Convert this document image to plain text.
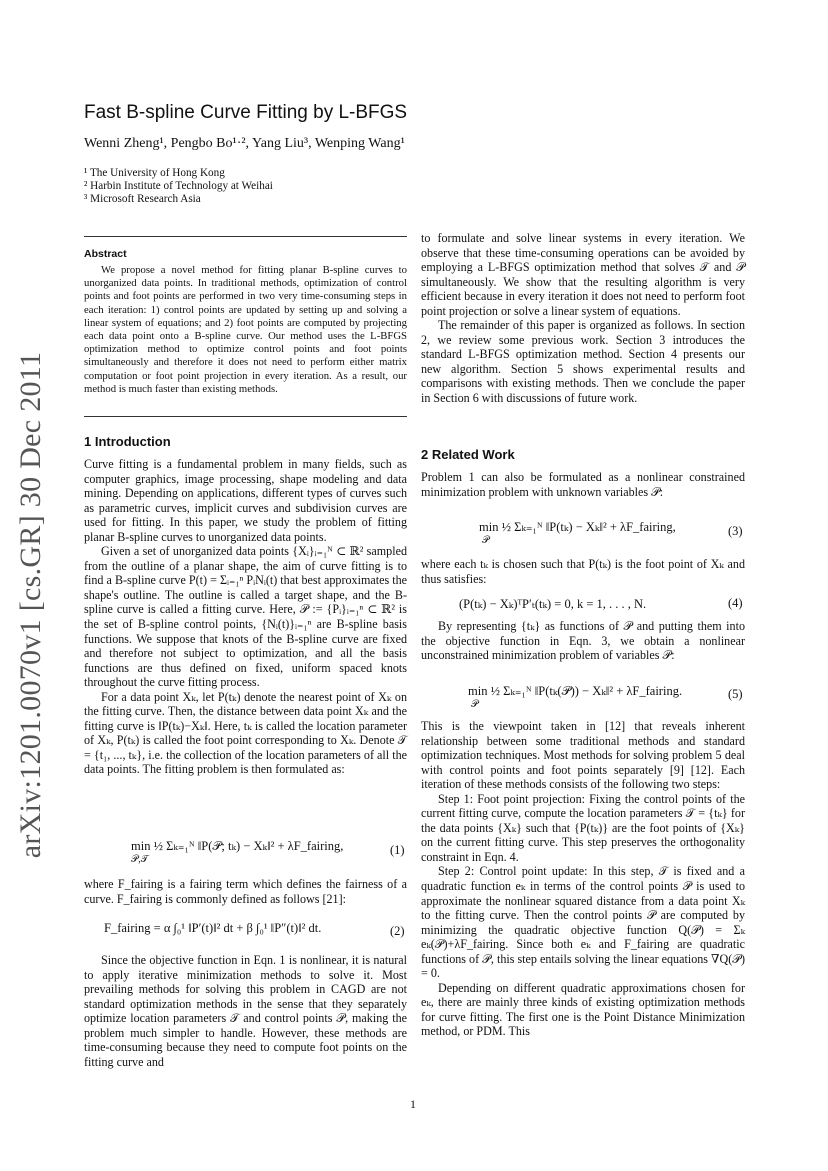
arXiv:1201.0070v1 [cs.GR] 30 Dec 2011
Fast B-spline Curve Fitting by L-BFGS
Wenni Zheng¹, Pengbo Bo¹·², Yang Liu³, Wenping Wang¹
¹ The University of Hong Kong
² Harbin Institute of Technology at Weihai
³ Microsoft Research Asia
Abstract

We propose a novel method for fitting planar B-spline curves to unorganized data points. In traditional methods, optimization of control points and foot points are performed in two very time-consuming steps in each iteration: 1) control points are updated by setting up and solving a linear system of equations; and 2) foot points are computed by projecting each data point onto a B-spline curve. Our method uses the L-BFGS optimization method to optimize control points and foot points simultaneously and therefore it does not need to perform either matrix computation or foot point projection in every iteration. As a result, our method is much faster than existing methods.

1 Introduction

Curve fitting is a fundamental problem in many fields, such as computer graphics, image processing, shape modeling and data mining. Depending on applications, different types of curves such as parametric curves, implicit curves and subdivision curves are used for fitting. In this paper, we study the problem of fitting planar B-spline curves to unorganized data points.

Given a set of unorganized data points {Xᵢ}ᵢ₌₁ᴺ ⊂ ℝ² sampled from the outline of a planar shape, the aim of curve fitting is to find a B-spline curve P(t) = Σᵢ₌₁ⁿ PᵢNᵢ(t) that best approximates the shape's outline. The outline is called a target shape, and the B-spline curve is called a fitting curve. Here, 𝒫 := {Pᵢ}ᵢ₌₁ⁿ ⊂ ℝ² is the set of B-spline control points, {Nᵢ(t)}ᵢ₌₁ⁿ are B-spline basis functions. We suppose that knots of the B-spline curve are fixed and therefore not subject to optimization, and all the basis functions are thus defined on fixed, uniform spaced knots throughout the curve fitting process.

For a data point Xₖ, let P(tₖ) denote the nearest point of Xₖ on the fitting curve. Then, the distance between data point Xₖ and the fitting curve is ‖P(tₖ)−Xₖ‖. Here, tₖ is called the location parameter of Xₖ, P(tₖ) is called the foot point corresponding to Xₖ. Denote 𝒯 = {t₁, ..., tₖ}, i.e. the collection of the location parameters of all the data points. The fitting problem is then formulated as:

min ½ Σₖ₌₁ᴺ ‖P(𝒫; tₖ) − Xₖ‖² + λF_fairing,
𝒫,𝒯
(1)
where F_fairing is a fairing term which defines the fairness of a curve. F_fairing is commonly defined as follows [21]:
F_fairing = α ∫₀¹ ‖P′(t)‖² dt + β ∫₀¹ ‖P″(t)‖² dt.	(2)
Since the objective function in Eqn. 1 is nonlinear, it is natural to apply iterative minimization methods to solve it. Most prevailing methods for solving this problem in CAGD are not standard optimization methods in the sense that they separately optimize location parameters 𝒯 and control points 𝒫, making the problem much simpler to handle. However, these methods are time-consuming because they need to compute foot points on the fitting curve and

to formulate and solve linear systems in every iteration. We observe that these time-consuming operations can be avoided by employing a L-BFGS optimization method that solves 𝒯 and 𝒫 simultaneously. We show that the resulting algorithm is very efficient because in every iteration it does not need to perform foot point projection or solve a linear system of equations.

The remainder of this paper is organized as follows. In section 2, we review some previous work. Section 3 introduces the standard L-BFGS optimization method. Section 4 presents our new algorithm. Section 5 shows experimental results and comparisons with existing methods. Then we conclude the paper in Section 6 with discussions of future work.

2 Related Work
Problem 1 can also be formulated as a nonlinear constrained minimization problem with unknown variables 𝒫:
min ½ Σₖ₌₁ᴺ ‖P(tₖ) − Xₖ‖² + λF_fairing,
𝒫
(3)
where each tₖ is chosen such that P(tₖ) is the foot point of Xₖ and thus satisfies:
(P(tₖ) − Xₖ)ᵀP′ₜ(tₖ) = 0, k = 1, . . . , N.	(4)
By representing {tₖ} as functions of 𝒫 and putting them into the objective function in Eqn. 3, we obtain a nonlinear unconstrained minimization problem of variables 𝒫:
min ½ Σₖ₌₁ᴺ ‖P(tₖ(𝒫)) − Xₖ‖² + λF_fairing.
𝒫
(5)

This is the viewpoint taken in [12] that reveals inherent relationship between some traditional methods and standard optimization techniques. Most methods for solving problem 5 deal with control points and foot points separately [9] [12]. Each iteration of these methods consists of the following two steps:

Step 1: Foot point projection: Fixing the control points of the current fitting curve, compute the location parameters 𝒯 = {tₖ} for the data points {Xₖ} such that {P(tₖ)} are the foot points of {Xₖ} on the current fitting curve. This step preserves the orthogonality constraint in Eqn. 4.

Step 2: Control point update: In this step, 𝒯 is fixed and a quadratic function eₖ in terms of the control points 𝒫 is used to approximate the nonlinear squared distance from a data point Xₖ to the fitting curve. Then the control points 𝒫 are computed by minimizing the quadratic objective function Q(𝒫) = Σₖ eₖ(𝒫)+λF_fairing. Since both eₖ and F_fairing are quadratic functions of 𝒫, this step entails solving the linear equations ∇Q(𝒫) = 0.

Depending on different quadratic approximations chosen for eₖ, there are mainly three kinds of existing optimization methods for curve fitting. The first one is the Point Distance Minimization method, or PDM. This

1
